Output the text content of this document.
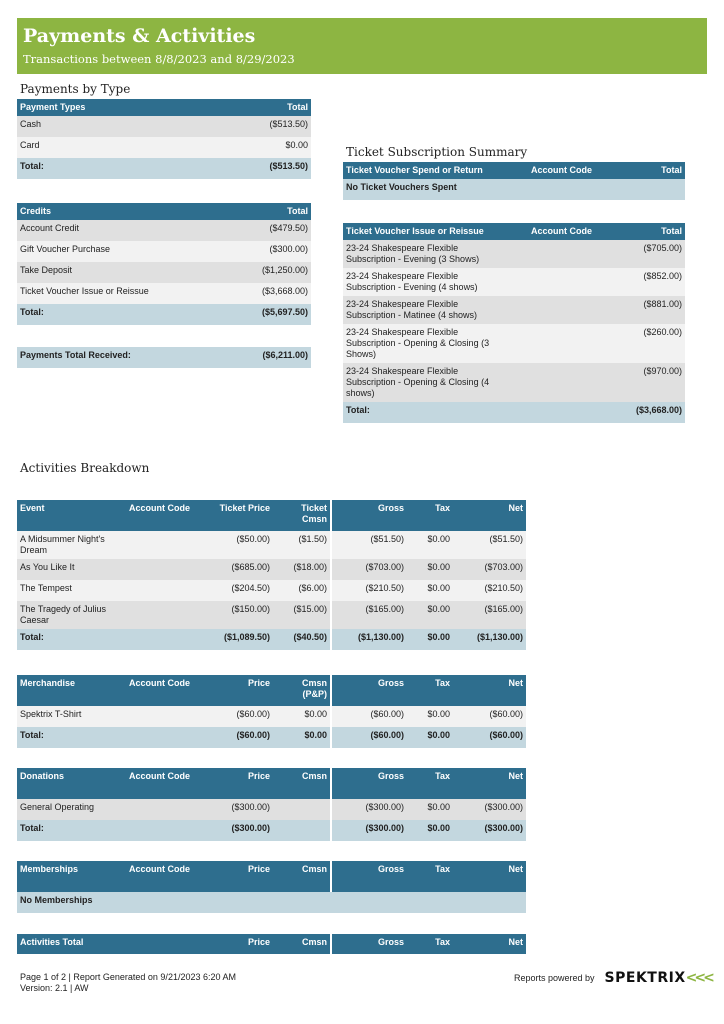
Payments & Activities
Transactions between 8/8/2023 and 8/29/2023
Payments by Type
Payment Types	Total
Cash	($513.50)
Card	$0.00
Total:	($513.50)
Credits	Total
Account Credit	($479.50)
Gift Voucher Purchase	($300.00)
Take Deposit	($1,250.00)
Ticket Voucher Issue or Reissue	($3,668.00)
Total:	($5,697.50)
Payments Total Received:	($6,211.00)
Ticket Subscription Summary
Ticket Voucher Spend or Return	Account Code	Total
No Ticket Vouchers Spent
Ticket Voucher Issue or Reissue	Account Code	Total
23-24 Shakespeare Flexible Subscription - Evening (3 Shows)		($705.00)
23-24 Shakespeare Flexible Subscription - Evening (4 shows)		($852.00)
23-24 Shakespeare Flexible Subscription - Matinee (4 shows)		($881.00)
23-24 Shakespeare Flexible Subscription - Opening & Closing (3 Shows)		($260.00)
23-24 Shakespeare Flexible Subscription - Opening & Closing (4 shows)		($970.00)
Total:		($3,668.00)
Activities Breakdown
Event	Account Code	Ticket Price	Ticket Cmsn	Gross	Tax	Net
A Midsummer Night's Dream		($50.00)	($1.50)	($51.50)	$0.00	($51.50)
As You Like It		($685.00)	($18.00)	($703.00)	$0.00	($703.00)
The Tempest		($204.50)	($6.00)	($210.50)	$0.00	($210.50)
The Tragedy of Julius Caesar		($150.00)	($15.00)	($165.00)	$0.00	($165.00)
Total:		($1,089.50)	($40.50)	($1,130.00)	$0.00	($1,130.00)
Merchandise	Account Code	Price	Cmsn (P&P)	Gross	Tax	Net
Spektrix T-Shirt		($60.00)	$0.00	($60.00)	$0.00	($60.00)
Total:		($60.00)	$0.00	($60.00)	$0.00	($60.00)
Donations	Account Code	Price	Cmsn	Gross	Tax	Net
General Operating		($300.00)		($300.00)	$0.00	($300.00)
Total:		($300.00)		($300.00)	$0.00	($300.00)
Memberships	Account Code	Price	Cmsn	Gross	Tax	Net
No Memberships
Activities Total		Price	Cmsn	Gross	Tax	Net
Page 1 of 2 | Report Generated on 9/21/2023 6:20 AM
Version: 2.1 | AW
Reports powered by SPEKTRIX<<<
